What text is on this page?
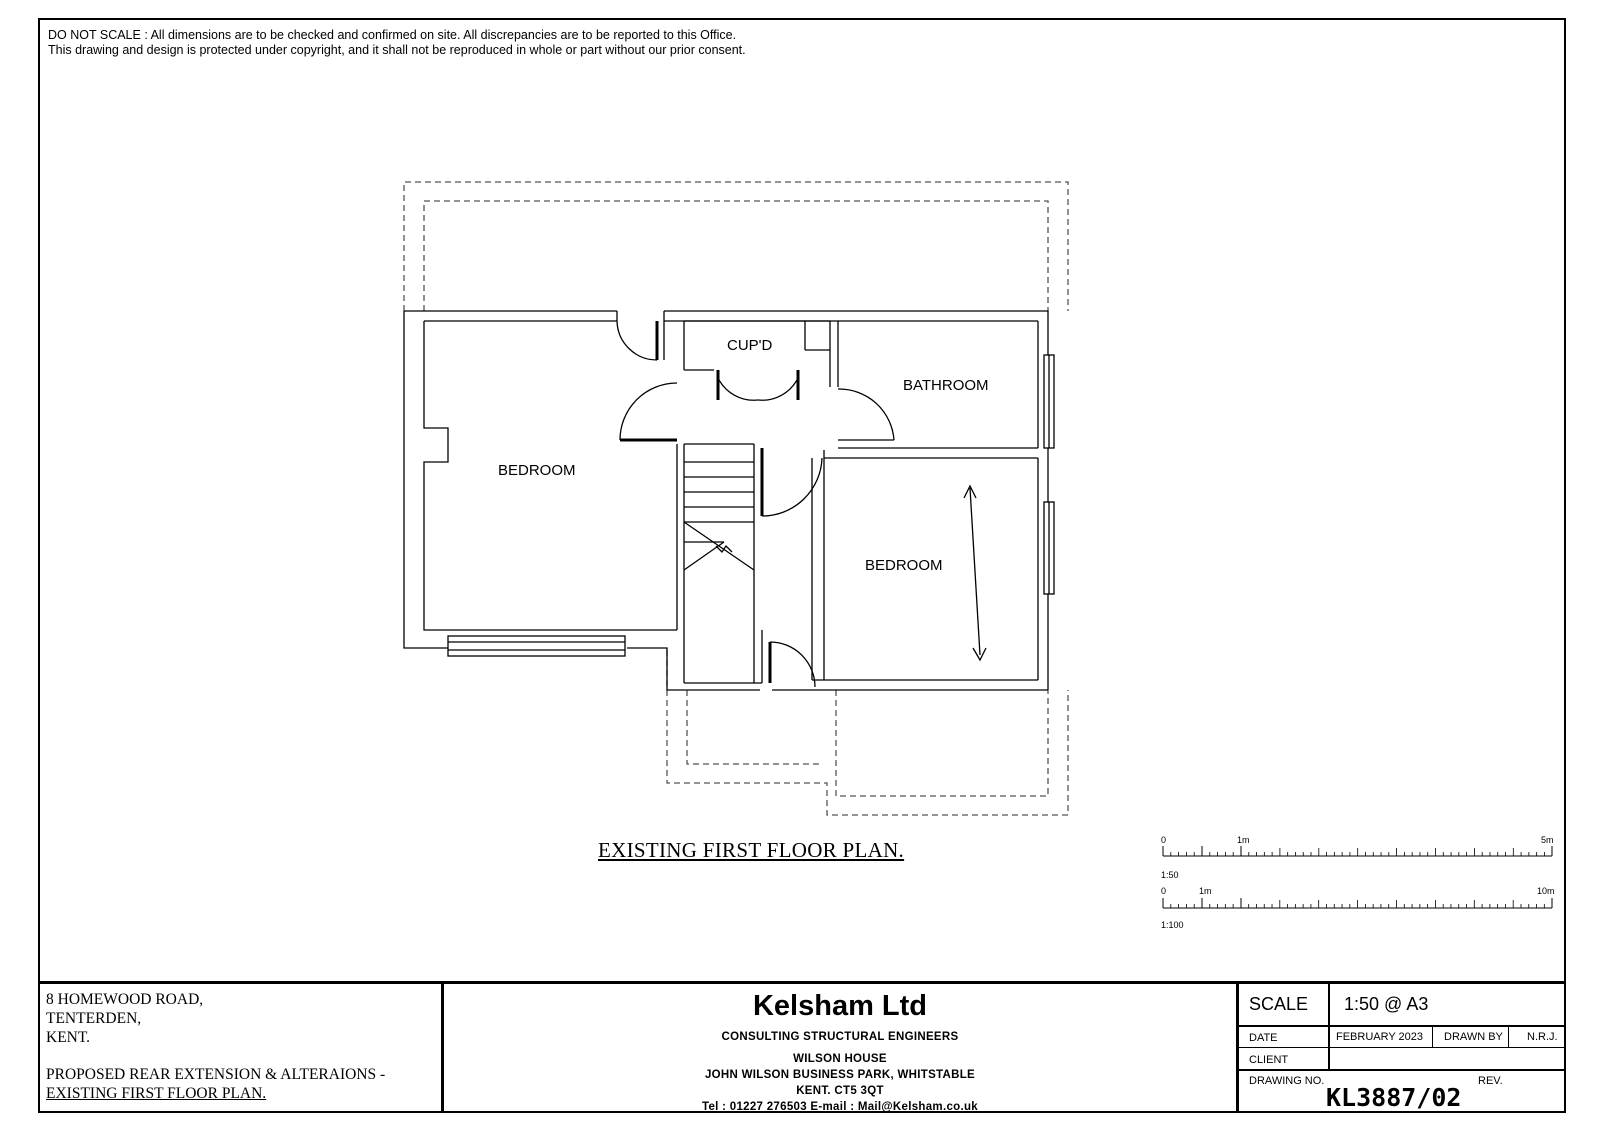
DO NOT SCALE : All dimensions are to be checked and confirmed on site. All discrepancies are to be reported to this Office.
This drawing and design is protected under copyright, and it shall not be reproduced in whole or part without our prior consent.
BEDROOM
CUP'D
BATHROOM
BEDROOM
EXISTING FIRST FLOOR PLAN.	0	1m	5m
1:50
0	1m	10m
1:100
8 HOMEWOOD ROAD,
TENTERDEN,
KENT.
PROPOSED REAR EXTENSION & ALTERAIONS -
EXISTING FIRST FLOOR PLAN.
Kelsham Ltd
CONSULTING STRUCTURAL ENGINEERS
WILSON HOUSE
JOHN WILSON BUSINESS PARK, WHITSTABLE
KENT. CT5 3QT
Tel : 01227 276503 E-mail : Mail@Kelsham.co.uk
SCALE 1:50 @ A3
DATE	FEBRUARY 2023 DRAWN BY N.R.J.
CLIENT
DRAWING NO.	REV.
KL3887/02
